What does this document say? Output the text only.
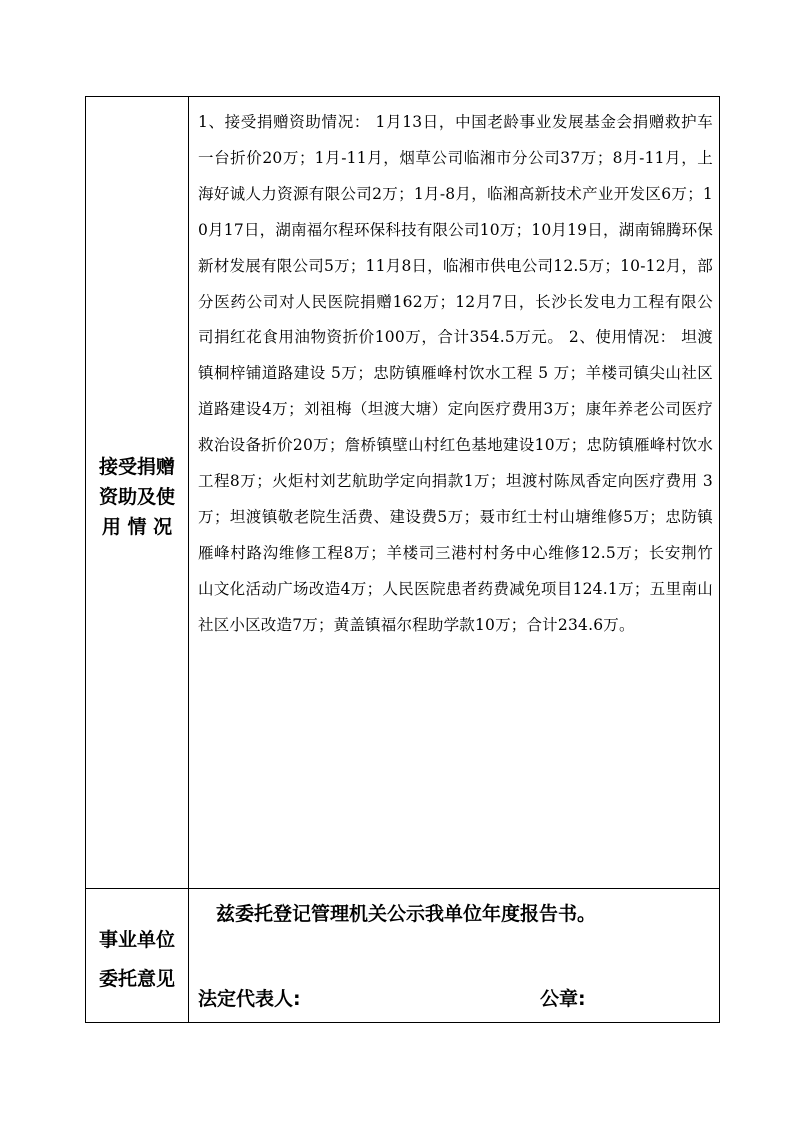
接受捐赠
资助及使
用 情 况
1、接受捐赠资助情况： 1月13日，中国老龄事业发展基金会捐赠救护车一台折价20万；1月-11月，烟草公司临湘市分公司37万；8月-11月，上海好诚人力资源有限公司2万；1月-8月，临湘高新技术产业开发区6万；10月17日，湖南福尔程环保科技有限公司10万；10月19日，湖南锦腾环保新材发展有限公司5万；11月8日，临湘市供电公司12.5万；10-12月，部分医药公司对人民医院捐赠162万；12月7日，长沙长发电力工程有限公司捐红花食用油物资折价100万，合计354.5万元。 2、使用情况： 坦渡镇桐梓铺道路建设 5万；忠防镇雁峰村饮水工程 5 万；羊楼司镇尖山社区道路建设4万；刘祖梅（坦渡大塘）定向医疗费用3万；康年养老公司医疗救治设备折价20万；詹桥镇壁山村红色基地建设10万；忠防镇雁峰村饮水工程8万；火炬村刘艺航助学定向捐款1万；坦渡村陈凤香定向医疗费用 3万；坦渡镇敬老院生活费、建设费5万；聂市红士村山塘维修5万；忠防镇雁峰村路沟维修工程8万；羊楼司三港村村务中心维修12.5万；长安荆竹山文化活动广场改造4万；人民医院患者药费减免项目124.1万；五里南山社区小区改造7万；黄盖镇福尔程助学款10万；合计234.6万。
事业单位
委托意见
兹委托登记管理机关公示我单位年度报告书。
法定代表人:	公章:
